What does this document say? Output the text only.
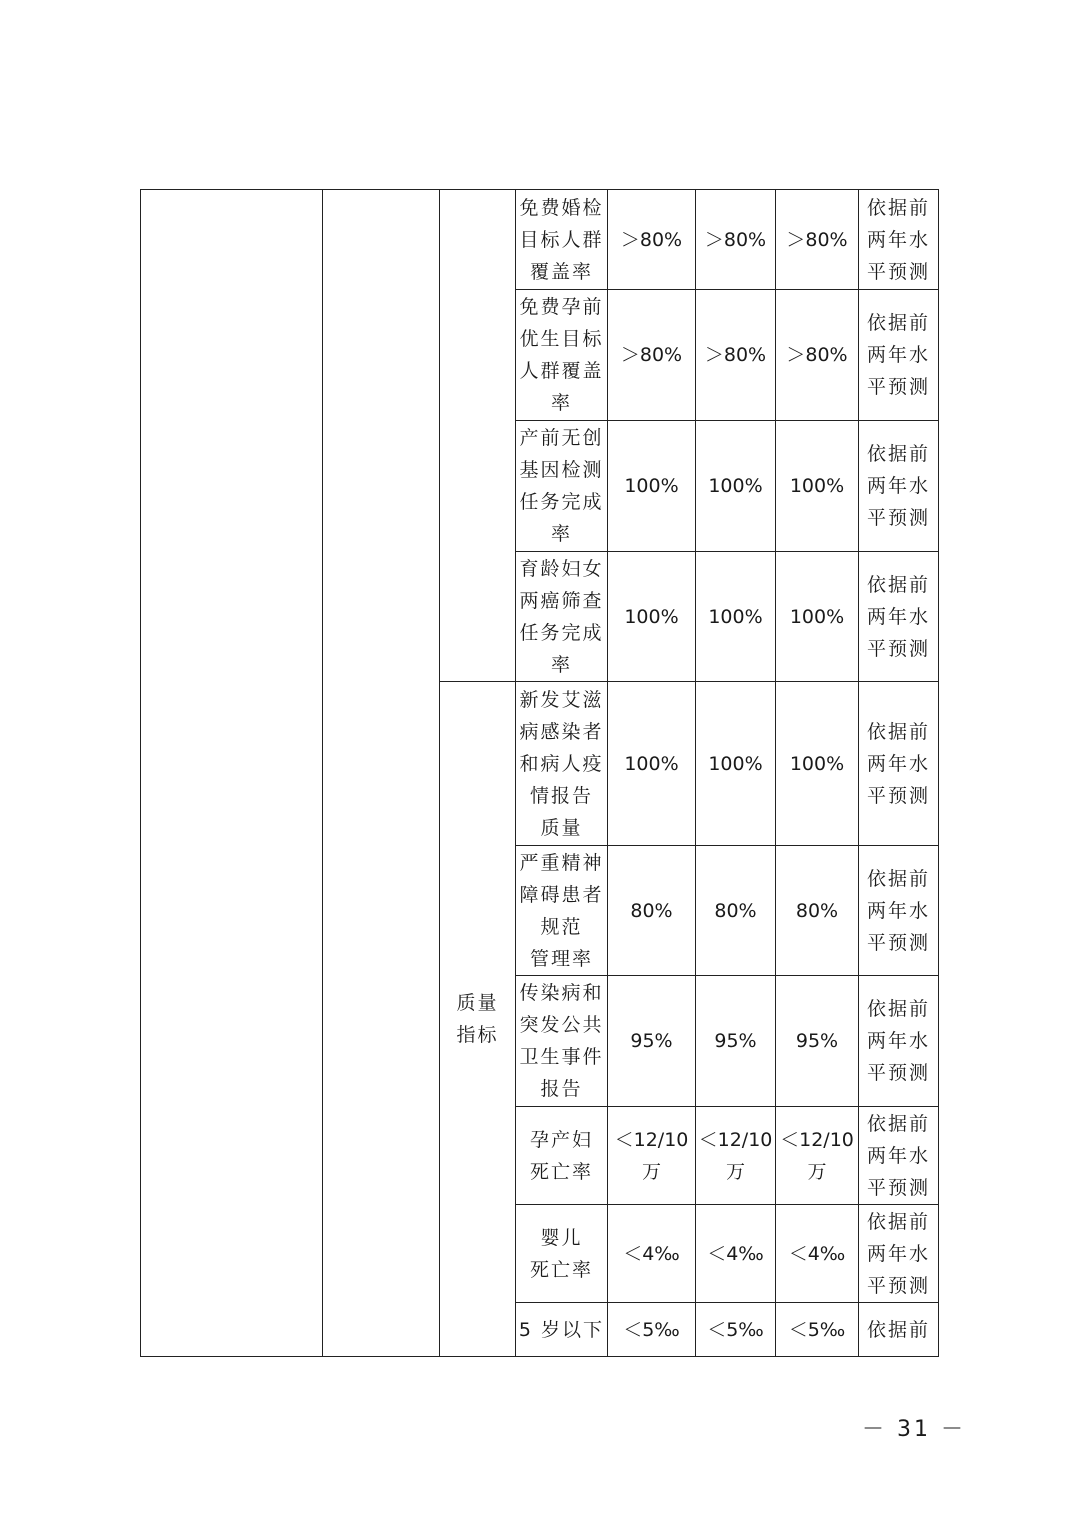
			免费婚检
目标人群
覆盖率	＞80%	＞80%	＞80%	依据前
两年水
平预测

			免费孕前
优生目标
人群覆盖
率	＞80%	＞80%	＞80%	依据前
两年水
平预测

			产前无创
基因检测
任务完成
率	100%	100%	100%	依据前
两年水
平预测

			育龄妇女
两癌筛查
任务完成
率	100%	100%	100%	依据前
两年水
平预测

		质量
指标	新发艾滋
病感染者
和病人疫
情报告
质量	100%	100%	100%	依据前
两年水
平预测

			严重精神
障碍患者
规范
管理率	80%	80%	80%	依据前
两年水
平预测

			传染病和
突发公共
卫生事件
报告	95%	95%	95%	依据前
两年水
平预测

			孕产妇
死亡率	＜12/10
万	＜12/10
万	＜12/10
万	依据前
两年水
平预测

			婴儿
死亡率	＜4‰	＜4‰	＜4‰	依据前
两年水
平预测

			5 岁以下	＜5‰	＜5‰	＜5‰	依据前
－ 31 －
